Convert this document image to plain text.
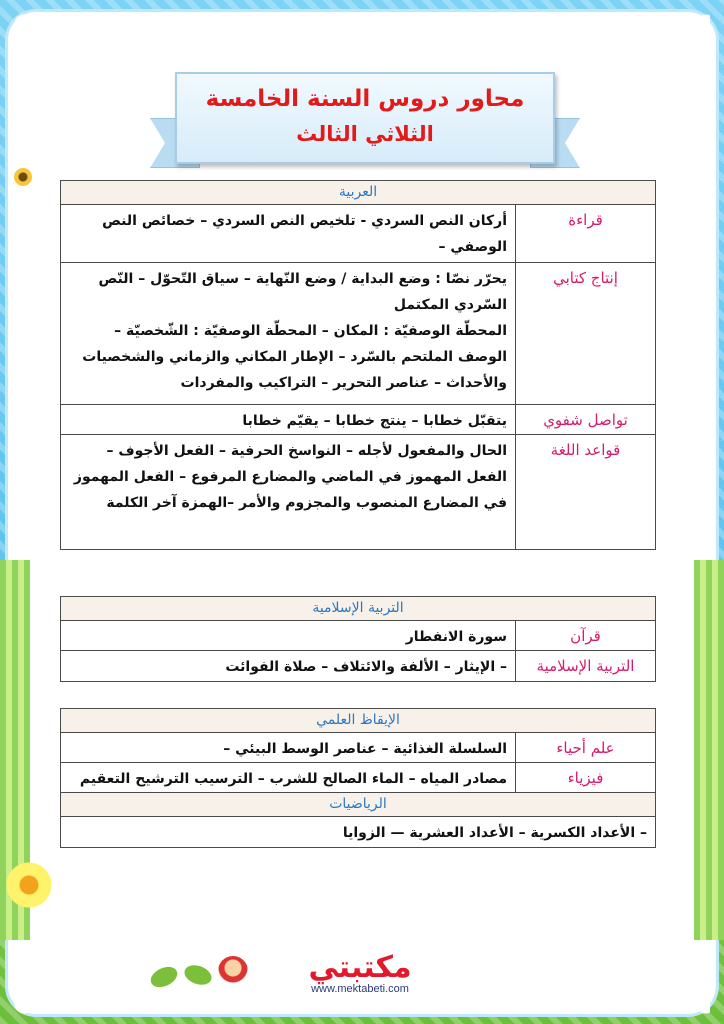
محاور دروس السنة الخامسة
الثلاثي الثالث
العربية
قراءة

أركان النص السردي - تلخيص النص السردي – خصائص النص

الوصفي –

إنتاج كتابي

يحرّر نصّا : وضع البداية / وضع النّهاية – سياق التّحوّل – النّص

السّردي المكتمل

المحطّة الوصفيّة : المكان – المحطّة الوصفيّة : الشّخصيّة –

الوصف الملتحم بالسّرد – الإطار المكاني والزماني والشخصيات

والأحداث – عناصر التحرير – التراكيب والمفردات

تواصل شفوي

يتقبّل خطابا – ينتج خطابا – يقيّم خطابا

قواعد اللغة

الحال والمفعول لأجله – النواسخ الحرفية – الفعل الأجوف –

الفعل المهموز في الماضي والمضارع المرفوع – الفعل المهموز

في المضارع المنصوب والمجزوم والأمر –الهمزة آخر الكلمة

التربية الإسلامية
قرآن

سورة الانفطار

التربية الإسلامية

– الإيثار – الألفة والائتلاف – صلاة الفوائت

الإيقاظ العلمي
علم أحياء

السلسلة الغذائية – عناصر الوسط البيئي –

فيزياء

مصادر المياه – الماء الصالح للشرب – الترسيب الترشيح التعقيم

الرياضيات

– الأعداد الكسرية – الأعداد العشرية — الزوايا

مكتبتي
www.mektabeti.com
